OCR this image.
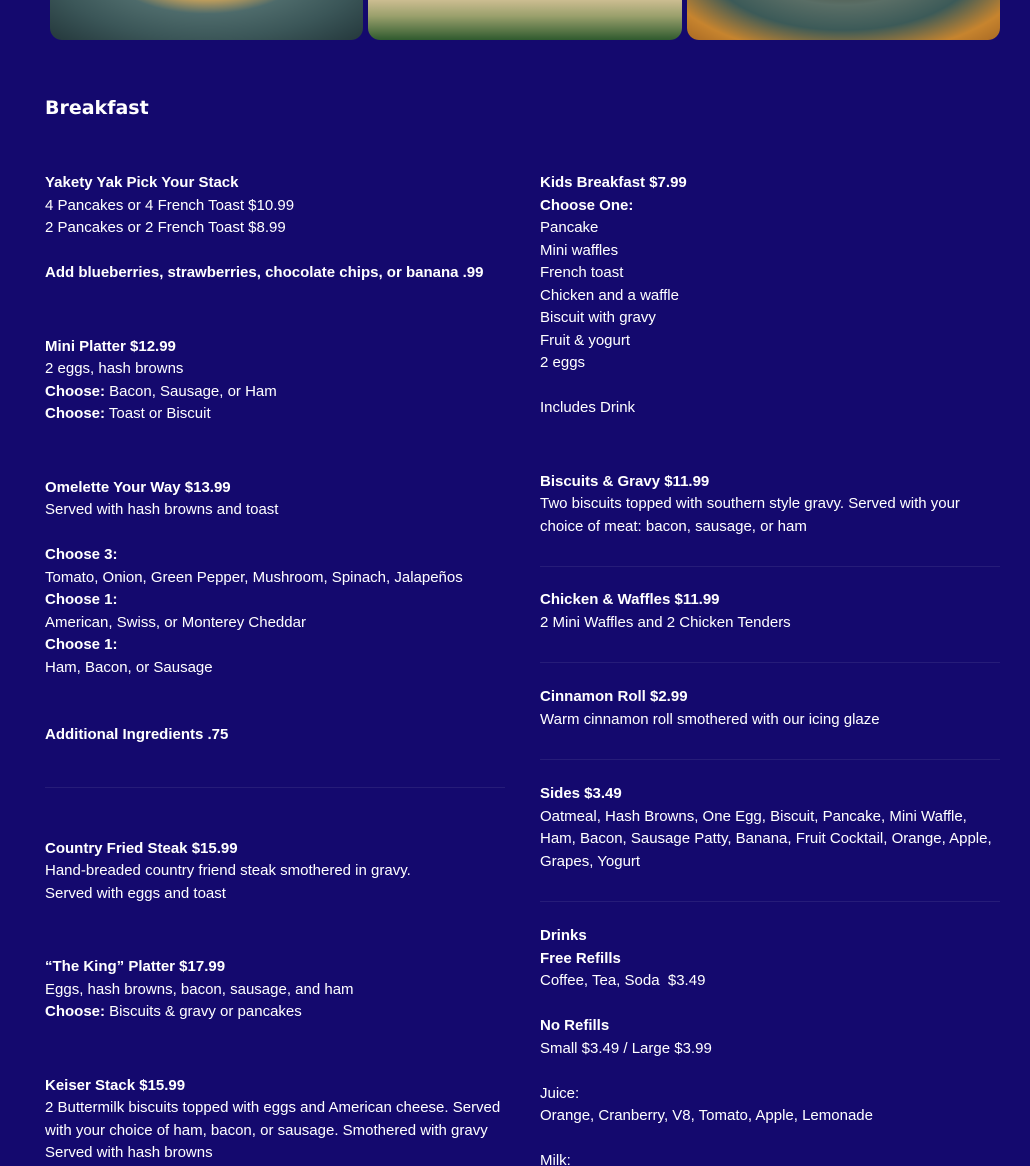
Breakfast

Yakety Yak Pick Your Stack

4 Pancakes or 4 French Toast $10.99

2 Pancakes or 2 French Toast $8.99

Add blueberries, strawberries, chocolate chips, or banana .99

Mini Platter $12.99

2 eggs, hash browns

Choose: Bacon, Sausage, or Ham

Choose: Toast or Biscuit

Omelette Your Way $13.99

Served with hash browns and toast

Choose 3:

Tomato, Onion, Green Pepper, Mushroom, Spinach, Jalapeños

Choose 1:

American, Swiss, or Monterey Cheddar

Choose 1:

Ham, Bacon, or Sausage

Additional Ingredients .75

Country Fried Steak $15.99

Hand-breaded country friend steak smothered in gravy.

Served with eggs and toast

“The King” Platter $17.99

Eggs, hash browns, bacon, sausage, and ham

Choose: Biscuits & gravy or pancakes

Keiser Stack $15.99

2 Buttermilk biscuits topped with eggs and American cheese. Served with your choice of ham, bacon, or sausage. Smothered with gravy

Served with hash browns

Kids Breakfast $7.99

Choose One:

Pancake

Mini waffles

French toast

Chicken and a waffle

Biscuit with gravy

Fruit & yogurt

2 eggs

Includes Drink

Biscuits & Gravy $11.99

Two biscuits topped with southern style gravy. Served with your choice of meat: bacon, sausage, or ham

Chicken & Waffles $11.99

2 Mini Waffles and 2 Chicken Tenders

Cinnamon Roll $2.99

Warm cinnamon roll smothered with our icing glaze

Sides $3.49

Oatmeal, Hash Browns, One Egg, Biscuit, Pancake, Mini Waffle, Ham, Bacon, Sausage Patty, Banana, Fruit Cocktail, Orange, Apple, Grapes, Yogurt

Drinks

Free Refills

Coffee, Tea, Soda  $3.49

No Refills

Small $3.49 / Large $3.99

Juice:

Orange, Cranberry, V8, Tomato, Apple, Lemonade

Milk:
